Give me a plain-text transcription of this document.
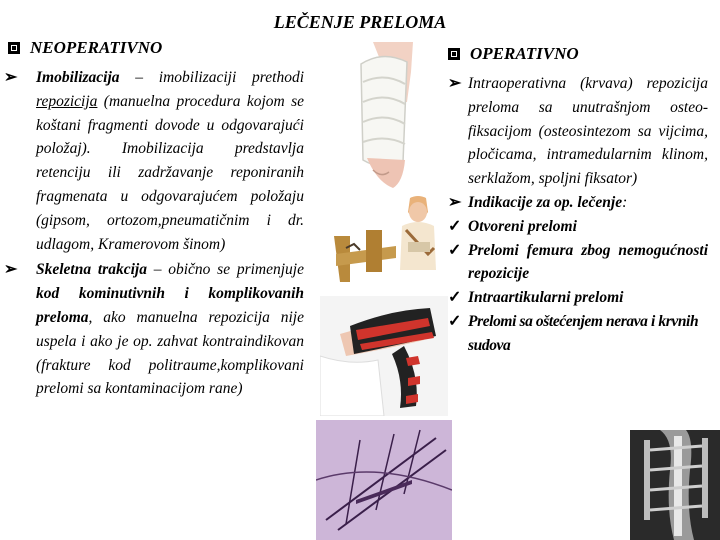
LEČENJE PRELOMA
NEOPERATIVNO
➢ Imobilizacija – imobilizaciji prethodi repozicija (manuelna procedura kojom se koštani fragmenti dovode u odgovarajući položaj). Imobilizacija predstavlja retenciju ili zadržavanje reponiranih fragmenata u odgovarajućem položaju (gipsom, ortozom,pneumatičnim i dr. udlagom, Kramerovom šinom)
➢ Skeletna trakcija – obično se primenjuje kod kominutivnih i komplikovanih preloma, ako manuelna repozicija nije uspela i ako je op. zahvat kontraindikovan (frakture kod politraume,komplikovani prelomi sa kontaminacijom rane)
OPERATIVNO
➢ Intraoperativna (krvava) repozicija preloma sa unutrašnjom osteo-fiksacijom (osteosintezom sa vijcima, pločicama, intramedularnim klinom, serklažom, spoljni fiksator)
➢ Indikacije za op. lečenje:
✓ Otvoreni prelomi
✓ Prelomi femura zbog nemogućnosti repozicije
✓ Intraartikularni prelomi
✓ Prelomi sa oštećenjem nerava i krvnih sudova
